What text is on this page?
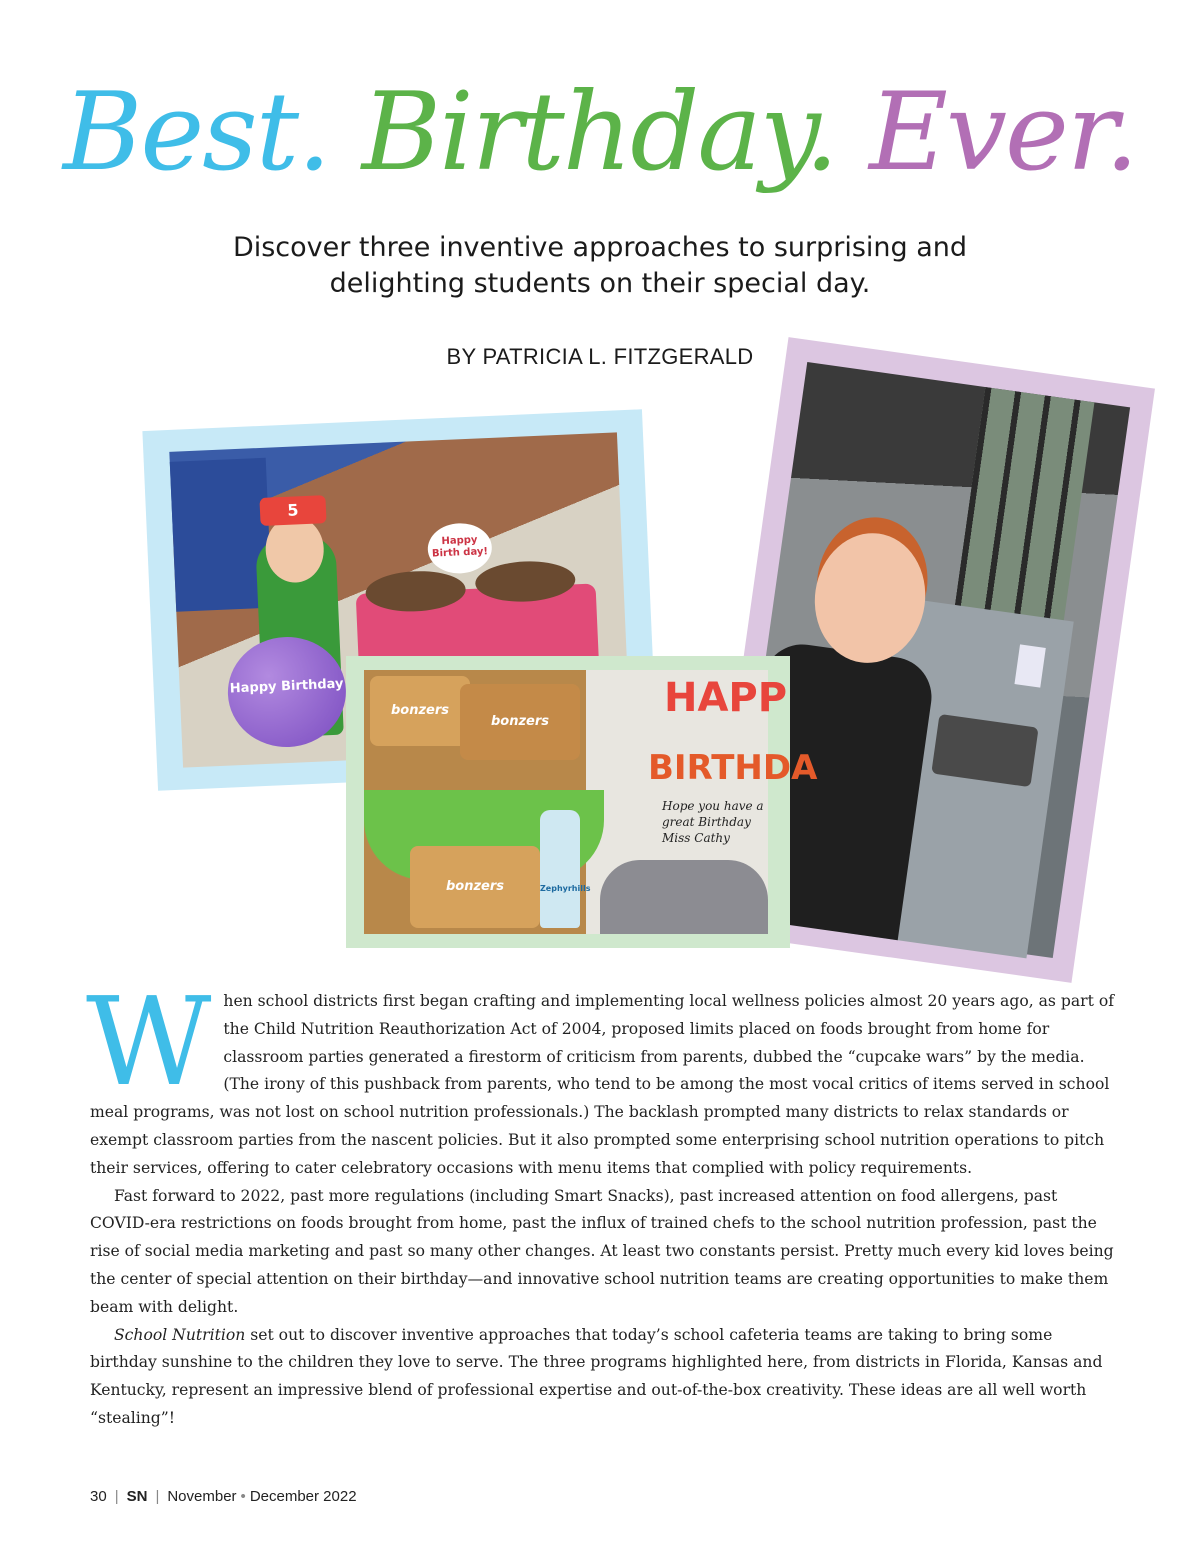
Best. Birthday. Ever.
Discover three inventive approaches to surprising and delighting students on their special day.
BY PATRICIA L. FITZGERALD
5
Happy Birth day!
Happy Birthday
bonzers
bonzers
Zephyrhills
bonzers
HAPP
BIRTHDA
Hope you have a great Birthday Miss Cathy

When school districts first began crafting and implementing local wellness policies almost 20 years ago, as part of the Child Nutrition Reauthorization Act of 2004, proposed limits placed on foods brought from home for classroom parties generated a firestorm of criticism from parents, dubbed the “cupcake wars” by the media. (The irony of this pushback from parents, who tend to be among the most vocal critics of items served in school meal programs, was not lost on school nutrition professionals.) The backlash prompted many districts to relax standards or exempt classroom parties from the nascent policies. But it also prompted some enterprising school nutrition operations to pitch their services, offering to cater celebratory occasions with menu items that complied with policy requirements.

Fast forward to 2022, past more regulations (including Smart Snacks), past increased attention on food allergens, past COVID-era restrictions on foods brought from home, past the influx of trained chefs to the school nutrition profession, past the rise of social media marketing and past so many other changes. At least two constants persist. Pretty much every kid loves being the center of special attention on their birthday—and innovative school nutrition teams are creating opportunities to make them beam with delight.

School Nutrition set out to discover inventive approaches that today’s school cafeteria teams are taking to bring some birthday sunshine to the children they love to serve. The three programs highlighted here, from districts in Florida, Kansas and Kentucky, represent an impressive blend of professional expertise and out-of-the-box creativity. These ideas are all well worth “stealing”!

30 | SN | November • December 2022
